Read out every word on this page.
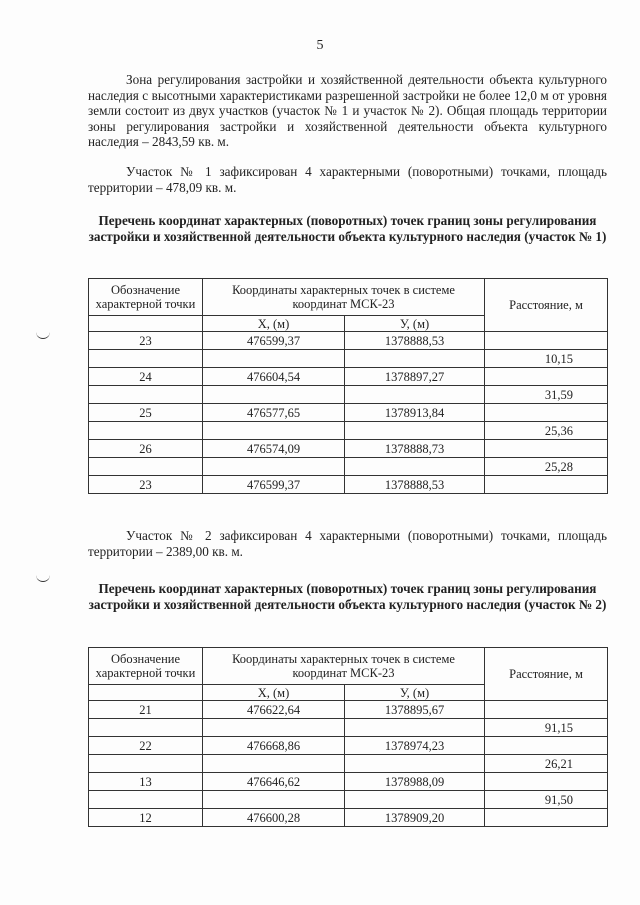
5

Зона регулирования застройки и хозяйственной деятельности объекта культурного наследия с высотными характеристиками разрешенной застройки не более 12,0 м от уровня земли состоит из двух участков (участок № 1 и участок № 2). Общая площадь территории зоны регулирования застройки и хозяйственной деятельности объекта культурного наследия – 2843,59 кв. м.

Участок № 1 зафиксирован 4 характерными (поворотными) точками, площадь территории – 478,09 кв. м.

Перечень координат характерных (поворотных) точек границ зоны регулирования застройки и хозяйственной деятельности объекта культурного наследия (участок № 1)

Обозначение характерной точки	Координаты характерных точек в системе координат МСК-23		Расстояние, м

	X, (м)	У, (м)	
23	476599,37	1378888,53	
			10,15
24	476604,54	1378897,27	
			31,59
25	476577,65	1378913,84	
			25,36
26	476574,09	1378888,73	
			25,28
23	476599,37	1378888,53	

Участок № 2 зафиксирован 4 характерными (поворотными) точками, площадь территории – 2389,00 кв. м.

Перечень координат характерных (поворотных) точек границ зоны регулирования застройки и хозяйственной деятельности объекта культурного наследия (участок № 2)

Обозначение характерной точки	Координаты характерных точек в системе координат МСК-23		Расстояние, м

	X, (м)	У, (м)	
21	476622,64	1378895,67	
			91,15
22	476668,86	1378974,23	
			26,21
13	476646,62	1378988,09	
			91,50
12	476600,28	1378909,20	
